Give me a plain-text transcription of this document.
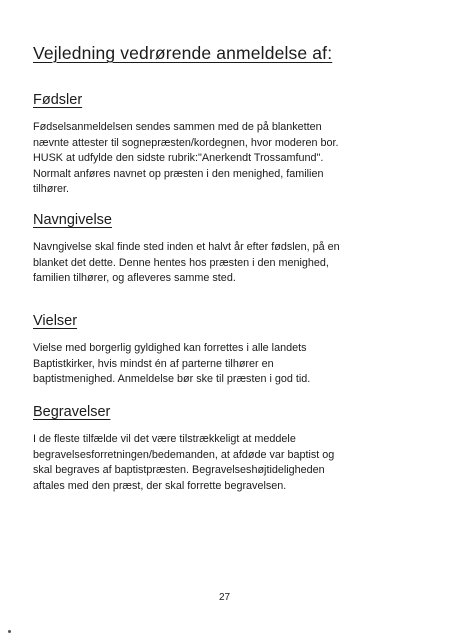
Vejledning vedrørende anmeldelse af:
Fødsler

Fødselsanmeldelsen sendes sammen med de på blanketten
nævnte attester til sognepræsten/kordegnen, hvor moderen bor.
HUSK at udfylde den sidste rubrik:"Anerkendt Trossamfund".
Normalt anføres navnet op præsten i den menighed, familien
tilhører.

Navngivelse

Navngivelse skal finde sted inden et halvt år efter fødslen, på en
blanket det dette. Denne hentes hos præsten i den menighed,
familien tilhører, og afleveres samme sted.

Vielser

Vielse med borgerlig gyldighed kan forrettes i alle landets
Baptistkirker, hvis mindst én af parterne tilhører en
baptistmenighed. Anmeldelse bør ske til præsten i god tid.

Begravelser

I de fleste tilfælde vil det være tilstrækkeligt at meddele
begravelsesforretningen/bedemanden, at afdøde var baptist og
skal begraves af baptistpræsten. Begravelseshøjtideligheden
aftales med den præst, der skal forrette begravelsen.

27
